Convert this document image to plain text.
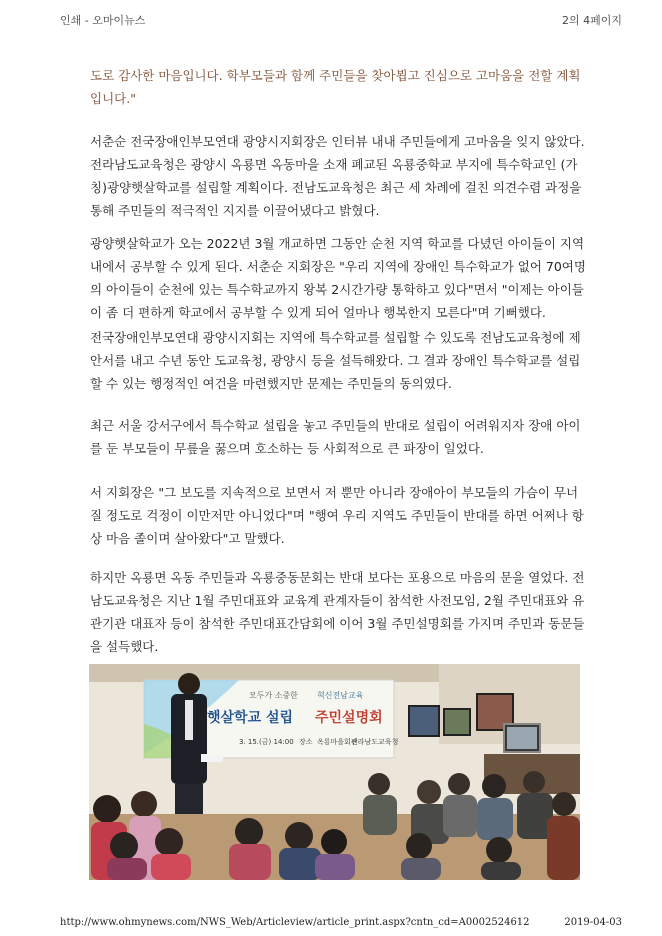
인쇄 - 오마이뉴스	2의 4페이지
도로 감사한 마음입니다. 학부모들과 함께 주민들을 찾아뵙고 진심으로 고마움을 전할 계획입니다."

서춘순 전국장애인부모연대 광양시지회장은 인터뷰 내내 주민들에게 고마움을 잊지 않았다. 전라남도교육청은 광양시 옥룡면 옥동마을 소재 폐교된 옥룡중학교 부지에 특수학교인 (가칭)광양햇살학교를 설립할 계획이다. 전남도교육청은 최근 세 차례에 걸친 의견수렴 과정을 통해 주민들의 적극적인 지지를 이끌어냈다고 밝혔다.

광양햇살학교가 오는 2022년 3월 개교하면 그동안 순천 지역 학교를 다녔던 아이들이 지역 내에서 공부할 수 있게 된다. 서춘순 지회장은 "우리 지역에 장애인 특수학교가 없어 70여명의 아이들이 순천에 있는 특수학교까지 왕복 2시간가량 통학하고 있다"면서 "이제는 아이들이 좀 더 편하게 학교에서 공부할 수 있게 되어 얼마나 행복한지 모른다"며 기뻐했다.

전국장애인부모연대 광양시지회는 지역에 특수학교를 설립할 수 있도록 전남도교육청에 제안서를 내고 수년 동안 도교육청, 광양시 등을 설득해왔다. 그 결과 장애인 특수학교를 설립할 수 있는 행정적인 여건을 마련했지만 문제는 주민들의 동의였다.

최근 서울 강서구에서 특수학교 설립을 놓고 주민들의 반대로 설립이 어려워지자 장애 아이를 둔 부모들이 무릎을 꿇으며 호소하는 등 사회적으로 큰 파장이 일었다.

서 지회장은 "그 보도를 지속적으로 보면서 저 뿐만 아니라 장애아이 부모들의 가슴이 무너질 정도로 걱정이 이만저만 아니었다"며 "행여 우리 지역도 주민들이 반대를 하면 어쩌나 항상 마음 졸이며 살아왔다"고 말했다.

하지만 옥룡면 옥동 주민들과 옥룡중동문회는 반대 보다는 포용으로 마음의 문을 열었다. 전남도교육청은 지난 1월 주민대표와 교육계 관계자들이 참석한 사전모임, 2월 주민대표와 유관기관 대표자 등이 참석한 주민대표간담회에 이어 3월 주민설명회를 가지며 주민과 동문들을 설득했다.

모두가 소중한 혁신전남교육
햇살학교 설립 주민설명회
3. 15.(금) 14:00 장소 옥룡마을회관
전라남도교육청
http://www.ohmynews.com/NWS_Web/Articleview/article_print.aspx?cntn_cd=A0002524612	2019-04-03
